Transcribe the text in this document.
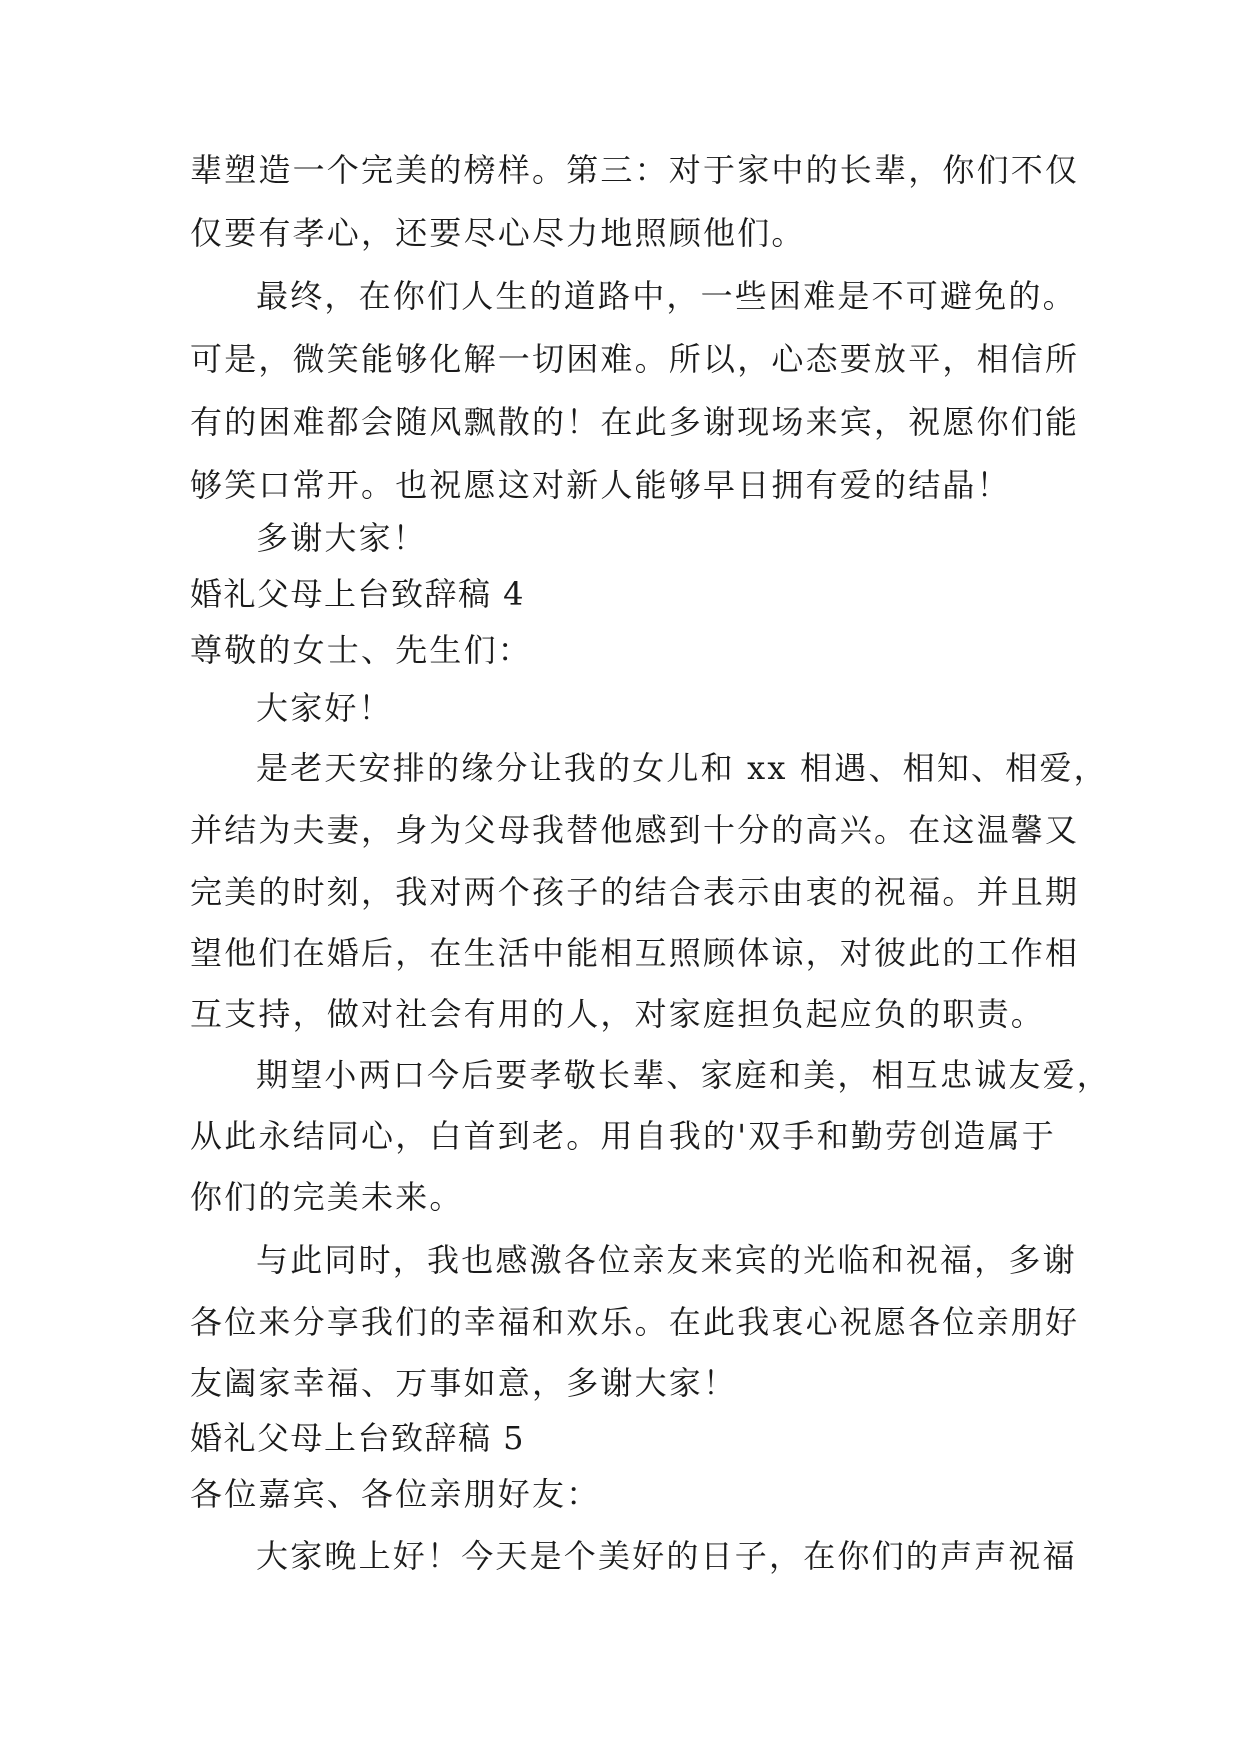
辈塑造一个完美的榜样。第三：对于家中的长辈，你们不仅
仅要有孝心，还要尽心尽力地照顾他们。
最终，在你们人生的道路中，一些困难是不可避免的。
可是，微笑能够化解一切困难。所以，心态要放平，相信所
有的困难都会随风飘散的！在此多谢现场来宾，祝愿你们能
够笑口常开。也祝愿这对新人能够早日拥有爱的结晶！
多谢大家！
婚礼父母上台致辞稿 4
尊敬的女士、先生们：
大家好！
是老天安排的缘分让我的女儿和 xx 相遇、相知、相爱，
并结为夫妻，身为父母我替他感到十分的高兴。在这温馨又
完美的时刻，我对两个孩子的结合表示由衷的祝福。并且期
望他们在婚后，在生活中能相互照顾体谅，对彼此的工作相
互支持，做对社会有用的人，对家庭担负起应负的职责。
期望小两口今后要孝敬长辈、家庭和美，相互忠诚友爱，
从此永结同心，白首到老。用自我的'双手和勤劳创造属于
你们的完美未来。
与此同时，我也感激各位亲友来宾的光临和祝福，多谢
各位来分享我们的幸福和欢乐。在此我衷心祝愿各位亲朋好
友阖家幸福、万事如意，多谢大家！
婚礼父母上台致辞稿 5
各位嘉宾、各位亲朋好友：
大家晚上好！今天是个美好的日子，在你们的声声祝福
